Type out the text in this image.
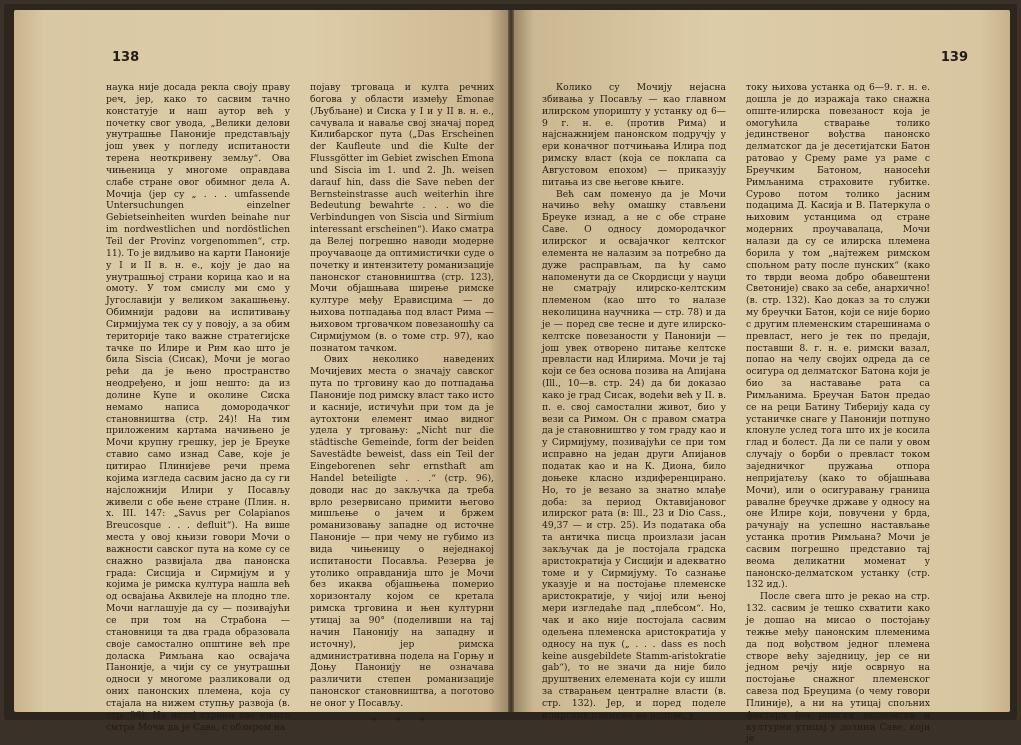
138

наука није досада рекла своју праву реч, јер, како то сасвим тачно констатује и наш аутор већ у почетку свог увода, „Велики делови унутрашње Паноније представљају још увек у погледу испитаности терена неоткривену земљу“. Ова чињеница у многоме оправдава слабе стране овог обимног дела А. Мочија (јер су „ . . . umfassende Untersuchungen einzelner Gebietseinheiten wurden beinahe nur im nordwestlichen und nordöstlichen Teil der Provinz vorgenommen“, стр. 11). То је видљиво на карти Паноније у I и II в. н. е., коју је дао на унутрашњој страни корица као и на омоту. У том смислу ми смо у Југославији у великом закашњењу. Обимнији радови на испитивању Сирмијума тек су у повоју, а за обим територије тако важне стратегијске тачке по Илире и Рим као што је била Siscia (Сисак), Мочи је могао рећи да је њено пространство неодређено, и још нешто: да из долине Купе и околине Сиска немамо написа домородачког становништва (стр. 24)! На тим приложеним картама начињено је Мочи крупну грешку, јер је Бреуке ставио само изнад Саве, које је цитирао Плинијеве речи према којима изгледа сасвим јасно да су ги најсложнији Илири у Посављу живели с обе њене стране (Плин. н. х. III. 147: „Savus per Colapianos Breucosque . . . defluit“). На више места у овој књизи говори Мочи о важности савског пута на коме су се снажно развијала два панонска града: Сисција и Сирмијум и у којима је римска култура нашла већ од освајања Аквилеје на плодно тле. Мочи наглашује да су — позивајући се при том на Страбона — становници та два града образовала своје самостално општине већ пре доласка Римљана као освајача Паноније, а чији су се унутрашњи односи у многоме разликовали од оних панонских племена, која су стајала на нижем ступњу развоја (в. стр. 96). На истој страни ове књиге смтра Мочи да је Сава, с обзиром на

појаву трговаца и култа речних богова у области између Emonae (Љубљане) и Сиска у I и у II в. н. е., сачувала и наваље свој значај поред Килибарског пута („Das Erscheinen der Kaufleute und die Kulte der Flussgötter im Gebiet zwischen Emona und Siscia im 1. und 2. Jh. weisen darauf hin, dass die Save neben der Bernsteinstrasse auch weiterhin ihre Bedeutung bewahrte . . . wo die Verbindungen von Siscia und Sirmium interessant erscheinen“). Иако сматра да Велеј погрешно наводи модерне проучаваоце да оптимистички суде о почетку и интензитету романизације панонског становништва (стр. 123), Мочи објашњава ширење римске културе међу Ерависцима — до њихова потпадања под власт Рима — њиховом трговачком повезаношћу са Сирмијумом (в. о томе стр. 97), као познатом тачком.

Ових неколико наведених Мочијевих места о значају савског пута по трговину као до потпадања Паноније под римску власт тако исто и касније, истичући при том да је аутохтони елемент имао видног удела у трговању: „Nicht nur die städtische Gemeinde, form der beiden Savestädte beweist, dass ein Teil der Eingeborenen sehr ernsthaft am Handel beteiligte . . .“ (стр. 96), доводи нас до закључка да треба врло резервисано примити његово мишљење о јачем и бржем романизовању западне од источне Паноније — при чему не губимо из вида чињеницу о неједнакој испитаности Посавља. Резерва је утолико оправданија што је Мочи без икаква објашњења померио хоризонталу којом се кретала римска трговина и њен културни утицај за 90° (поделивши на тај начин Панонију на западну и источну), јер римска административна подела на Горњу и Доњу Панонију не означава различити степен романизације панонског становништва, а поготово не оног у Посављу.

* * *
139

Колико су Мочију нејасна збивања у Посављу — као главном илирском упоришту у устанку од 6—9 г. н. е. (против Рима) и најснажнијем панонском подручју у ери коначног потчињања Илира под римску власт (која се поклапа са Августовом епохом) — приказују питања из све његове књиге.

Већ сам поменуо да је Мочи начињо већу омашку стављени Бреуке изнад, а не с обе стране Саве. О односу домородачког илирског и освајачког келтског елемента не налазим за потребно да дуже расправљам, па ћу само напоменути да се Скордисци у науци не сматрају илирско-келтским племеном (као што то налазе неколицина научника — стр. 78) и да је — поред све тесне и дуге илирско-келтске повезаности у Панонији — још увек отворено питање келтске превласти над Илирима. Мочи је тај који се без основа позива на Апијана (Ill., 10—в. стр. 24) да би доказао како је град Сисак, водећи већ у II. в. п. е. свој самостални живот, био у вези са Римом. Он с правом сматра да је становништво у том граду као и у Сирмијуму, позивајући се при том исправно на један други Апијанов податак као и на К. Диона, било доњеке класно издиференцирано. Но, то је везано за знатно млађе доба: за период Октавијановог илирског рата (в: Ill., 23 и Dio Cass., 49,37 — и стр. 25). Из података оба та античка писца произлази јасан закључак да је постојала градска аристократија у Сисцији и адекватно томе и у Сирмијуму. То сазнање указује и на постојање племенске аристократије, у чијој или њеној мери изгледаће пад „плебсом“. Но, чак и ако није постојала сасвим одељена племенска аристократија у односу на пук („ . . . dass es noch keine ausgebildete Stamm-aristokratie gab“), то не значи да није било друштвених елемената који су ишли за стварањем централне власти (в. стр. 132). Јер, и поред поделе илирских племена на родове, у

току њихова устанка од 6—9. г. н. е. дошла је до изражаја тако снажна опште-илирска повезаност која је омогућила стварање толико јединственог вођства панонско делматског да је десетијатски Батон ратовао у Срему раме уз раме с Бреучким Батоном, наносећи Римљанима страховите губитке. Сурово потом толико јасним подацима Д. Касија и В. Патеркула о њиховим устанцима од стране модерних проучавалаца, Мочи налази да су се илирска племена борила у том „најтежем римском спољном рату после пунских“ (како то тврди веома добро обавештени Светоније) свако за себе, анархично! (в. стр. 132). Као доказ за то служи му бреучки Батон, који се није борио с другим племенским старешинама о превласт, него је тек по предаји, поставши 8. г. н. е. римски вазал, попао на челу својих одреда да се осигура од делматског Батона који је био за наставање рата са Римљанима. Бреучан Батон предао се на реци Батину Тиберију када су устаничке снаге у Панонији потпуно клонуле услед тога што их је косила глад и болест. Да ли се пали у овом случају о борби о превласт током заједничког пружања отпора непријатељу (како то објашњава Мочи), или о осигуравању граница равалне бреучке државе у односу на оне Илире који, повучени у брда, рачунају на успешно настављање устанка против Римљана? Мочи је сасвим погрешно представио тај веома деликатни моменат у панонско-делматском устанку (стр. 132 ид.).

После свега што је рекао на стр. 132. сасвим је тешко схватити како је дошао на мисао о постојању тежње међу панонским племенима да под вођством једног племена створе већу заједницу, јер се ни једном речју није осврнуо на постојање снажног племенског савеза под Бреуцима (о чему говори Плиније), а ни на утицај спољних фактора (на римски економски и културни утицај у долини Саве, који је
